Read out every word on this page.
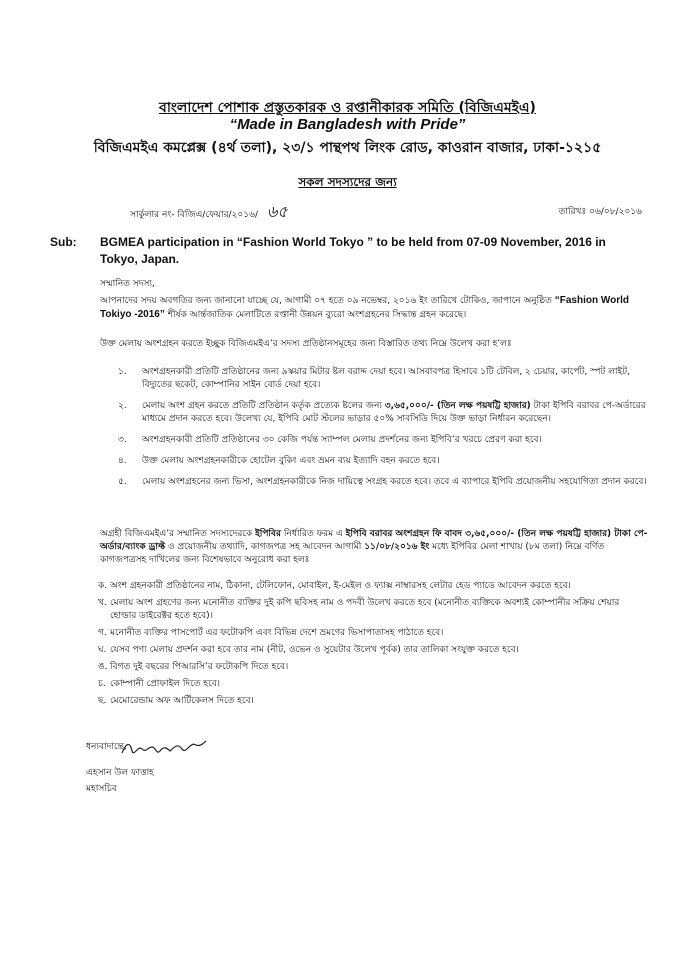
বাংলাদেশ পোশাক প্রস্তুতকারক ও রপ্তানীকারক সমিতি (বিজিএমইএ)
“Made in Bangladesh with Pride”
বিজিএমইএ কমপ্লেক্স (৪র্থ তলা), ২৩/১ পান্থপথ লিংক রোড, কাওরান বাজার, ঢাকা-১২১৫
সকল সদস্যদের জন্য
সার্কুলার নং- বিজিএ/ফেয়ার/২০১৬/ ৬৫	তারিখঃ ০৬/০৮/২০১৬
Sub: BGMEA participation in “Fashion World Tokyo ” to be held from 07-09 November, 2016 in Tokyo, Japan.
সম্মানিত সদস্য,
আপনাদের সদয় অবগতির জন্য জানানো যাচ্ছে যে, আগামী ০৭ হতে ০৯ নভেম্বর, ২০১৬ ইং তারিখে টোকিও, জাপানে অনুষ্ঠিত “Fashion World Tokiyo -2016” শীর্ষক আর্ন্তজাতিক মেলাটিতে রপ্তানী উন্নয়ন ব্যুরো অংশগ্রহনের সিদ্ধান্ত গ্রহন করেছে।
উক্ত মেলায় অংশগ্রহন করতে ইচ্ছুক বিজিএমইএ’র সদস্য প্রতিষ্ঠানসমূহের জন্য বিস্তারিত তথ্য নিম্নে উলেখ করা হ’লঃ
১. অংশগ্রহনকারী প্রতিটি প্রতিষ্ঠানের জন্য ৯স্কয়ার মিটার ষ্টল বরাদ্দ দেয়া হবে। আসবাবপত্র হিসাবে ১টি টেবিল, ২ চেয়ার, কার্পেট, স্পট লাইট, বিদ্যুতের ছকেট, কোম্পানির সাইন বোর্ড দেয়া হবে।
২. মেলায় অংশ গ্রহন করতে প্রতিটি প্রতিষ্ঠান কর্তৃক প্রত্যেক ষ্টলের জন্য ৩,৬৫,০০০/- (তিন লক্ষ পয়ষট্টি হাজার) টাকা ইপিবি বরাবর পে-অর্ডারের মাধ্যমে প্রদান করতে হবে। উলেখ্য যে, ইপিবি মোট স্টলের ভাড়ার ৫০% সাবসিডি দিয়ে উক্ত ভাড়া নির্ধারন করেছেন।
৩. অংশগ্রহনকারী প্রতিটি প্রতিষ্ঠানের ৩০ কেজি পর্যন্ত স্যাম্পল মেলায় প্রদর্শনের জন্য ইপিবি’র খরচে প্রেরণ করা হবে।
৪. উক্ত মেলায় অংশগ্রহনকারীকে হোটেল বুকিং এবং ভ্রমন ব্যয় ইত্যাদি বহন করতে হবে।
৫. মেলায় অংশগ্রহনের জন্য ভিসা, অংশগ্রহনকারীকে নিজ দায়িত্বে সংগ্রহ করতে হবে। তবে এ ব্যাপারে ইপিবি প্রয়োজনীয় সহযোগিতা প্রদান করবে।
অগ্রহী বিজিএমইএ’র সম্মানিত সদস্যদেরকে ইপিবির নির্ধারিত ফরম এ ইপিবি বরাবর অংশগ্রহন ফি বাবদ ৩,৬৫,০০০/- (তিন লক্ষ পয়ষট্টি হাজার) টাকা পে-অর্ডার/ব্যাংক ড্রাফ্ট ও প্রয়োজনীয় তথ্যাদি, কাগজপত্র সহ আবেদন আগামী ১১/০৮/২০১৬ ইং মধ্যে ইপিবির মেলা শাখায় (৮ম তলা) নিম্নে বর্ণিত কাগজপত্রসহ দাখিলের জন্য বিশেষভাবে অনুরোধ করা হলঃ
ক. অংশ গ্রহনকারী প্রতিষ্ঠানের নাম, ঠিকানা, টেলিফোন, মোবাইল, ই-মেইল ও ফ্যাক্স নাম্বারসহ লেটার হেড প্যাডে আবেদন করতে হবে।
খ. মেলায় অংশ গ্রহণের জন্য মনোনীত ব্যক্তির দুই কপি ছবিসহ নাম ও পদবী উলেখ করতে হবে (মনোনীত ব্যক্তিকে অবশ্যই কোম্পানীর সক্রিয় শেয়ার হোল্ডার ডাইরেক্টর হতে হবে)।
গ. মনোনীত ব্যক্তির পাসপোর্ট এর ফটোকপি এবং বিভিন্ন দেশে ভ্রমণের ভিসাপাতাসহ পাঠাতে হবে।
ঘ. যেসব পণ্য মেলায় প্রদর্শন করা হবে তার নাম (নীট, ওভেন ও সুয়েটার উলেখ পূর্বক) তার তালিকা সংযুক্ত করতে হবে।
ঙ. বিগত দুই বছরের পিআরসি’র ফটোকপি দিতে হবে।
চ. কোম্পানী প্রোফাইল দিতে হবে।
ছ. মেমোরেন্ডাম অফ আর্টিকেলস দিতে হবে।
ধন্যবাদান্তে,
এহসান উল ফাত্তাহ
মহাসচিব
